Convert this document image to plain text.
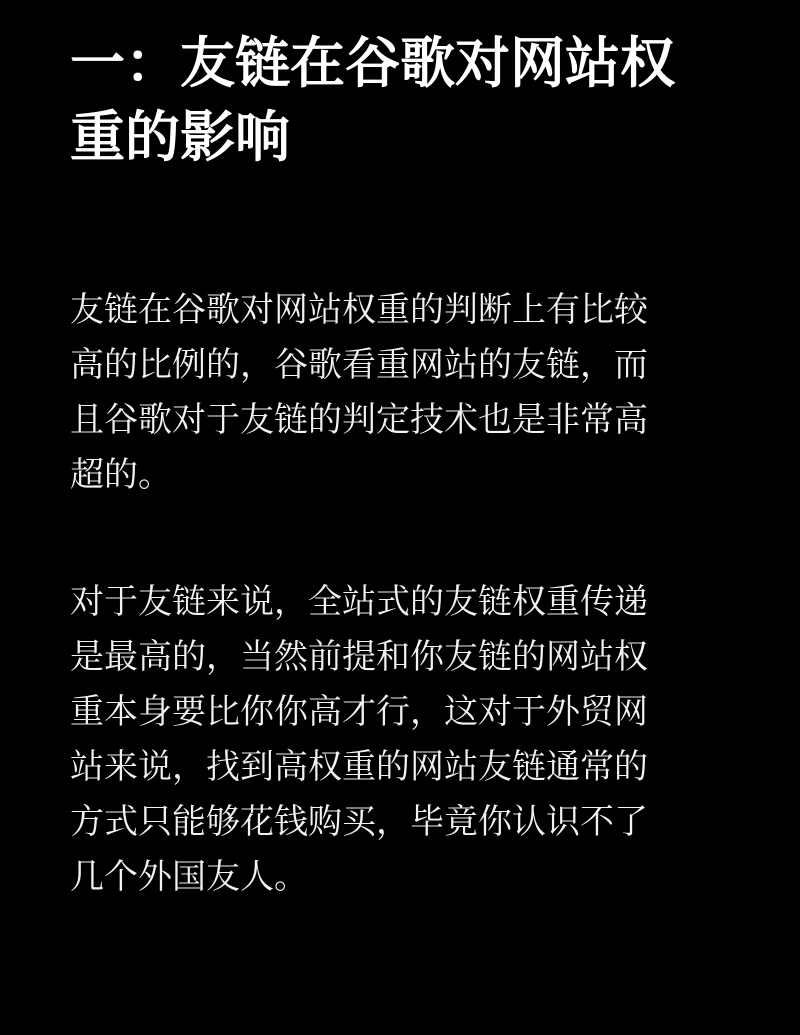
一：友链在谷歌对网站权重的影响

友链在谷歌对网站权重的判断上有比较高的比例的，谷歌看重网站的友链，而且谷歌对于友链的判定技术也是非常高超的。

对于友链来说，全站式的友链权重传递是最高的，当然前提和你友链的网站权重本身要比你你高才行，这对于外贸网站来说，找到高权重的网站友链通常的方式只能够花钱购买，毕竟你认识不了几个外国友人。
